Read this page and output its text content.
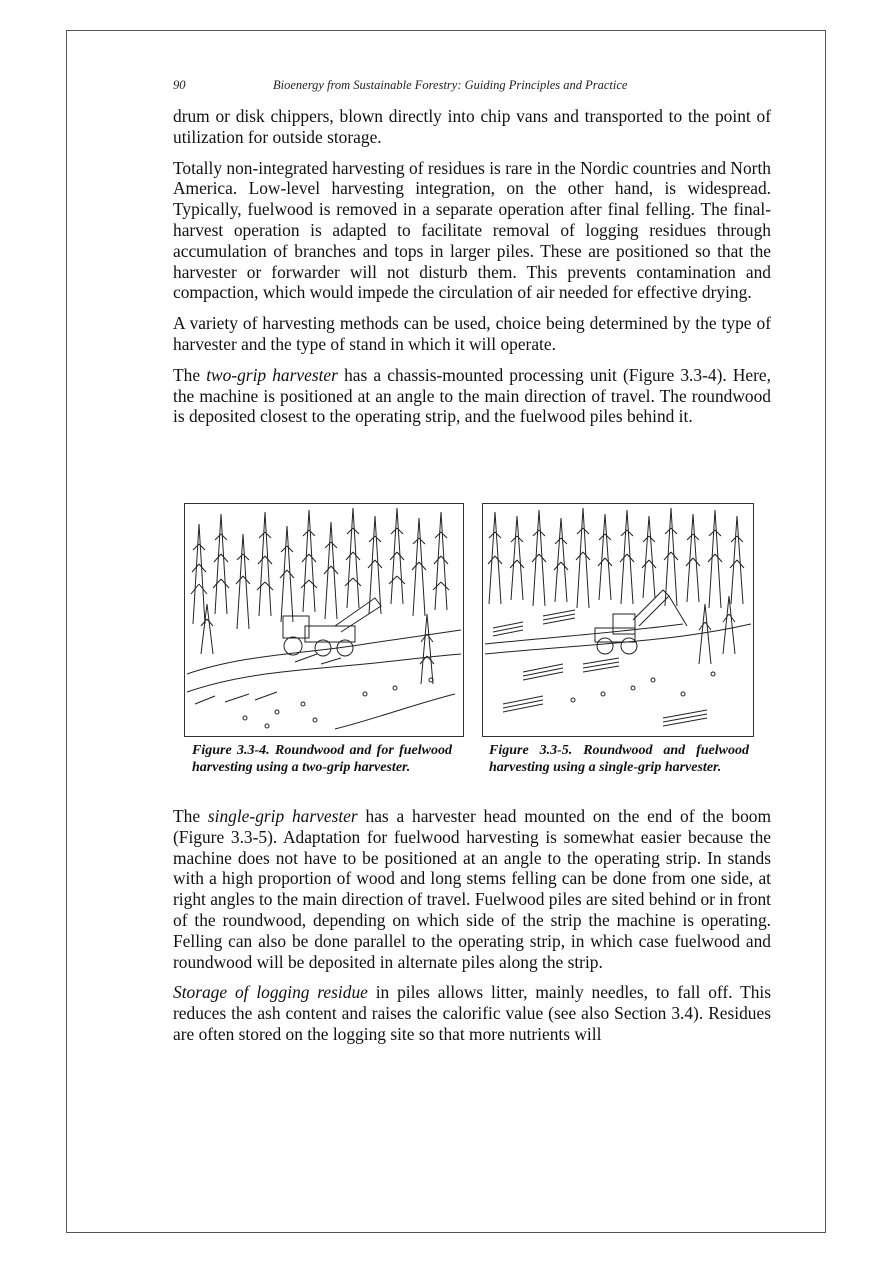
90	Bioenergy from Sustainable Forestry: Guiding Principles and Practice

drum or disk chippers, blown directly into chip vans and transported to the point of utilization for outside storage.

Totally non-integrated harvesting of residues is rare in the Nordic countries and North America. Low-level harvesting integration, on the other hand, is widespread. Typically, fuelwood is removed in a separate operation after final felling. The final-harvest operation is adapted to facilitate removal of logging residues through accumulation of branches and tops in larger piles. These are positioned so that the harvester or forwarder will not disturb them. This prevents contamination and compaction, which would impede the circulation of air needed for effective drying.

A variety of harvesting methods can be used, choice being determined by the type of harvester and the type of stand in which it will operate.

The two-grip harvester has a chassis-mounted processing unit (Figure 3.3-4). Here, the machine is positioned at an angle to the main direction of travel. The roundwood is deposited closest to the operating strip, and the fuelwood piles behind it.

Figure 3.3-4. Roundwood and for fuelwood harvesting using a two-grip harvester.
Figure 3.3-5. Roundwood and fuelwood harvesting using a single-grip harvester.

The single-grip harvester has a harvester head mounted on the end of the boom (Figure 3.3-5). Adaptation for fuelwood harvesting is somewhat easier because the machine does not have to be positioned at an angle to the operating strip. In stands with a high proportion of wood and long stems felling can be done from one side, at right angles to the main direction of travel. Fuelwood piles are sited behind or in front of the roundwood, depending on which side of the strip the machine is operating. Felling can also be done parallel to the operating strip, in which case fuelwood and roundwood will be deposited in alternate piles along the strip.

Storage of logging residue in piles allows litter, mainly needles, to fall off. This reduces the ash content and raises the calorific value (see also Section 3.4). Residues are often stored on the logging site so that more nutrients will
